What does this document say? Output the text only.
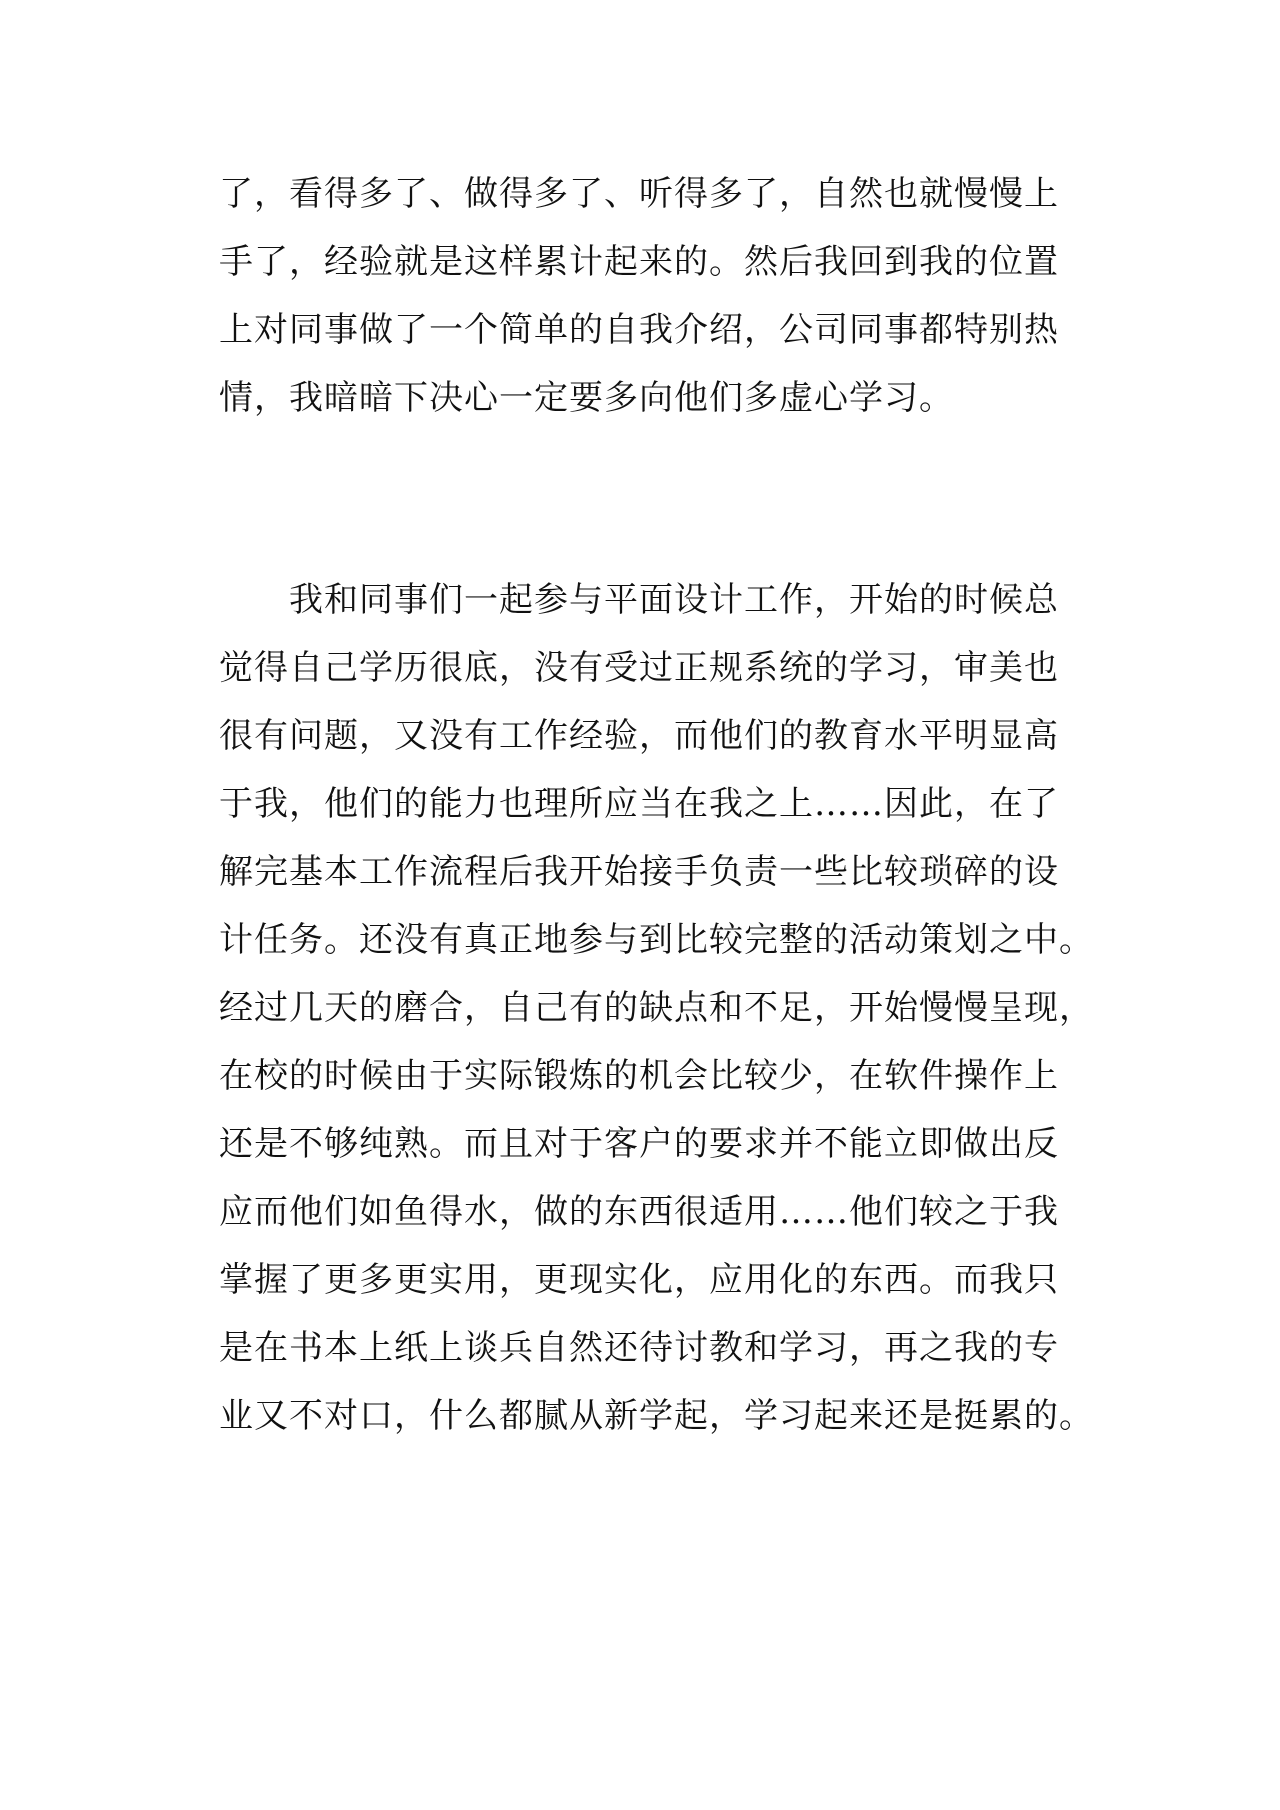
了，看得多了、做得多了、听得多了，自然也就慢慢上
手了，经验就是这样累计起来的。然后我回到我的位置
上对同事做了一个简单的自我介绍，公司同事都特别热
情，我暗暗下决心一定要多向他们多虚心学习。
　　我和同事们一起参与平面设计工作，开始的时候总
觉得自己学历很底，没有受过正规系统的学习，审美也
很有问题，又没有工作经验，而他们的教育水平明显高
于我，他们的能力也理所应当在我之上……因此，在了
解完基本工作流程后我开始接手负责一些比较琐碎的设
计任务。还没有真正地参与到比较完整的活动策划之中。
经过几天的磨合，自己有的缺点和不足，开始慢慢呈现，
在校的时候由于实际锻炼的机会比较少，在软件操作上
还是不够纯熟。而且对于客户的要求并不能立即做出反
应而他们如鱼得水，做的东西很适用……他们较之于我
掌握了更多更实用，更现实化，应用化的东西。而我只
是在书本上纸上谈兵自然还待讨教和学习，再之我的专
业又不对口，什么都腻从新学起，学习起来还是挺累的。
